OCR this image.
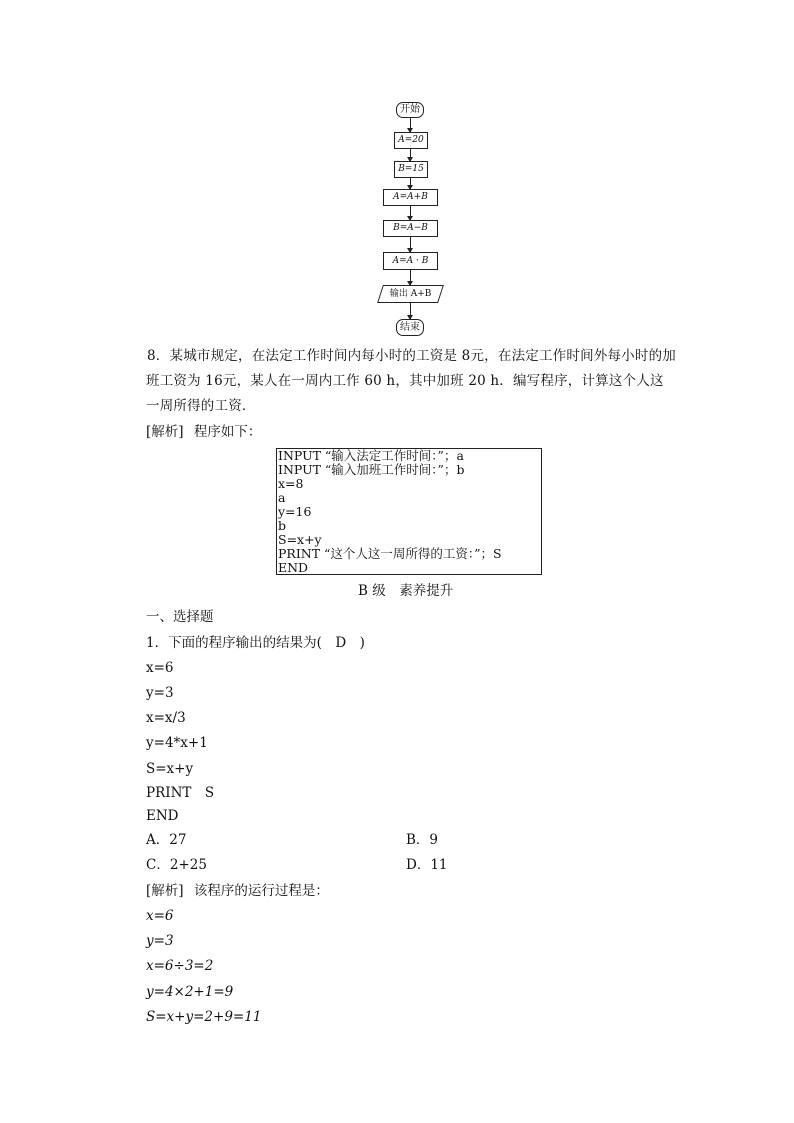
开始
A=20
B=15
A=A+B
B=A−B
A=A · B
输出 A+B
结束
8．某城市规定，在法定工作时间内每小时的工资是 8元，在法定工作时间外每小时的加班工资为 16元，某人在一周内工作 60 h，其中加班 20 h．编写程序，计算这个人这一周所得的工资．
[解析] 程序如下：
INPUT “输入法定工作时间：”；a
INPUT “输入加班工作时间：”；b
x=8
a
y=16
b
S=x+y
PRINT “这个人这一周所得的工资：”；S
END
B 级　素养提升
一、选择题
1．下面的程序输出的结果为(　D　)
x=6
y=3
x=x/3
y=4*x+1
S=x+y
PRINT　S
END
A．27	B．9
C．2+25	D．11
[解析] 该程序的运行过程是：
x=6
y=3
x=6÷3=2
y=4×2+1=9
S=x+y=2+9=11
